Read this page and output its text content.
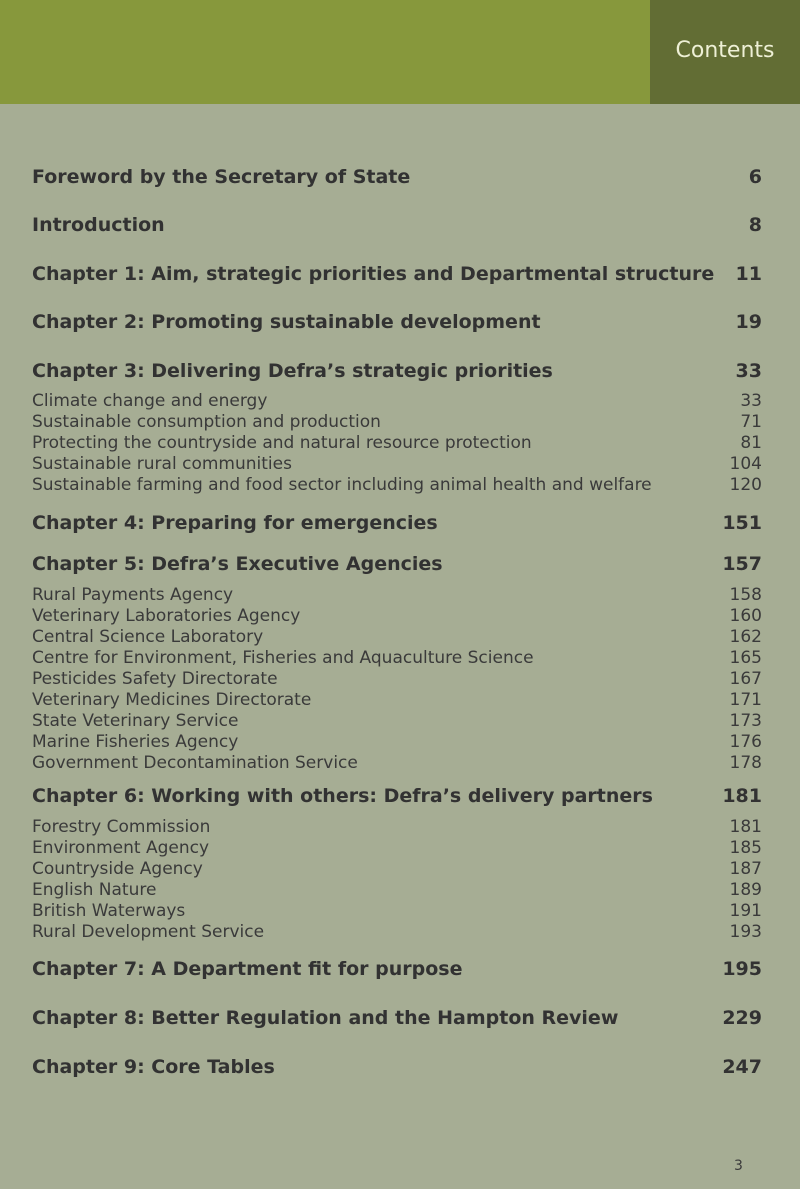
Contents
Foreword by the Secretary of State	6
Introduction	8
Chapter 1: Aim, strategic priorities and Departmental structure 11
Chapter 2: Promoting sustainable development	19
Chapter 3: Delivering Defra’s strategic priorities	33
Climate change and energy	33
Sustainable consumption and production	71
Protecting the countryside and natural resource protection	81
Sustainable rural communities	104
Sustainable farming and food sector including animal health and welfare	120
Chapter 4: Preparing for emergencies	151
Chapter 5: Defra’s Executive Agencies	157
Rural Payments Agency	158
Veterinary Laboratories Agency	160
Central Science Laboratory	162
Centre for Environment, Fisheries and Aquaculture Science	165
Pesticides Safety Directorate	167
Veterinary Medicines Directorate	171
State Veterinary Service	173
Marine Fisheries Agency	176
Government Decontamination Service	178
Chapter 6: Working with others: Defra’s delivery partners	181
Forestry Commission	181
Environment Agency	185
Countryside Agency	187
English Nature	189
British Waterways	191
Rural Development Service	193
Chapter 7: A Department fit for purpose	195
Chapter 8: Better Regulation and the Hampton Review	229
Chapter 9: Core Tables	247
3
